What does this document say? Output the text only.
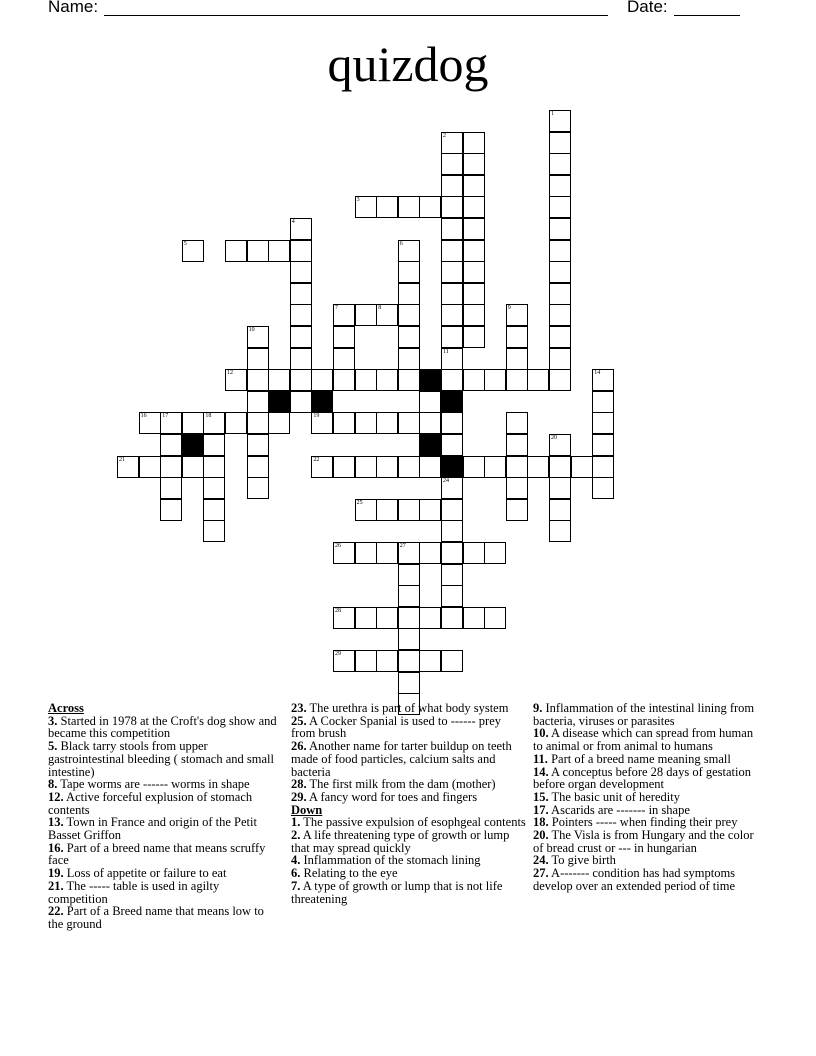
Name:	Date:
quizdog
21
16	17
5
18
12
10
4
19
22
7
26
28
29
3
25
8
6
27
13
2
11
23
24
9
1
20
14
Across

3. Started in 1978 at the Croft's dog show and became this competition

5. Black tarry stools from upper gastrointestinal bleeding ( stomach and small intestine)

8. Tape worms are ------ worms in shape

12. Active forceful explusion of stomach contents

13. Town in France and origin of the Petit Basset Griffon

16. Part of a breed name that means scruffy face

19. Loss of appetite or failure to eat

21. The ----- table is used in agilty competition

22. Part of a Breed name that means low to the ground

23. The urethra is part of what body system

25. A Cocker Spanial is used to ------ prey from brush

26. Another name for tarter buildup on teeth made of food particles, calcium salts and bacteria

28. The first milk from the dam (mother)

29. A fancy word for toes and fingers

Down

1. The passive expulsion of esophgeal contents

2. A life threatening type of growth or lump that may spread quickly

4. Inflammation of the stomach lining

6. Relating to the eye

7. A type of growth or lump that is not life threatening

9. Inflammation of the intestinal lining from bacteria, viruses or parasites

10. A disease which can spread from human to animal or from animal to humans

11. Part of a breed name meaning small

14. A conceptus before 28 days of gestation before organ development

15. The basic unit of heredity

17. Ascarids are ------- in shape

18. Pointers ----- when finding their prey

20. The Visla is from Hungary and the color of bread crust or --- in hungarian

24. To give birth

27. A------- condition has had symptoms develop over an extended period of time
